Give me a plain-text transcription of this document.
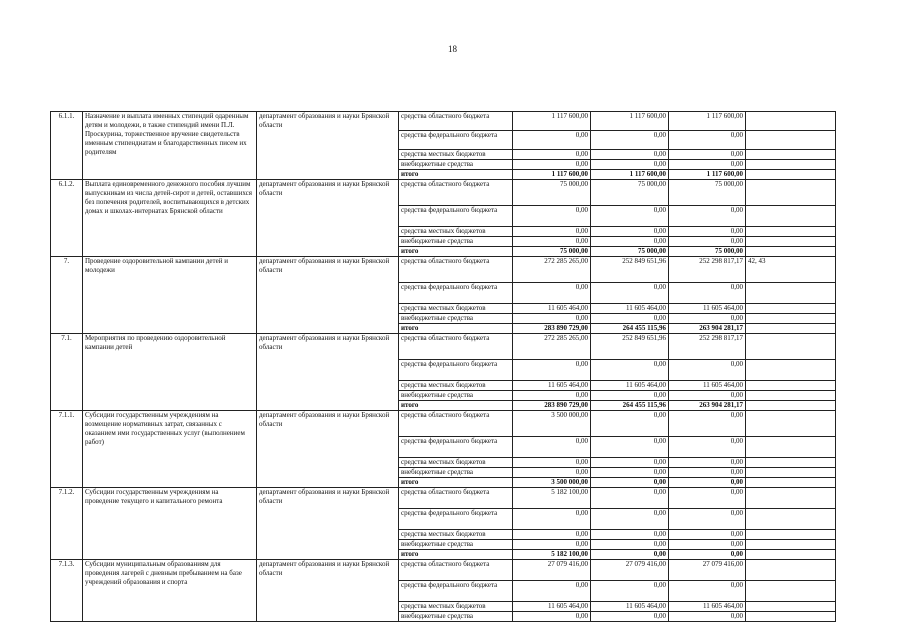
18
6.1.1.	Назначение и выплата именных стипендий одаренным детям и молодежи, в также стипендий имени П.Л. Проскурина, торжественное вручение свидетельств именным стипендиатам и благодарственных писем их родителям	департамент образования и науки Брянской области	средства областного бюджета	1 117 600,00	1 117 600,00	1 117 600,00	
			средства федерального бюджета	0,00	0,00	0,00	
			средства местных бюджетов	0,00	0,00	0,00	
			внебюджетные средства	0,00	0,00	0,00	
			итого	1 117 600,00	1 117 600,00	1 117 600,00	
6.1.2.	Выплата единовременного денежного пособия лучшим выпускникам из числа детей-сирот и детей, оставшихся без попечения родителей, воспитывающихся в детских домах и школах-интернатах Брянской области	департамент образования и науки Брянской области	средства областного бюджета	75 000,00	75 000,00	75 000,00	
			средства федерального бюджета	0,00	0,00	0,00	
			средства местных бюджетов	0,00	0,00	0,00	
			внебюджетные средства	0,00	0,00	0,00	
			итого	75 000,00	75 000,00	75 000,00	
7.	Проведение оздоровительной кампании детей и молодежи	департамент образования и науки Брянской области	средства областного бюджета	272 285 265,00	252 849 651,96	252 298 817,17	42, 43
			средства федерального бюджета	0,00	0,00	0,00	
			средства местных бюджетов	11 605 464,00	11 605 464,00	11 605 464,00	
			внебюджетные средства	0,00	0,00	0,00	
			итого	283 890 729,00	264 455 115,96	263 904 281,17	
7.1.	Мероприятия по проведению оздоровительной кампании детей	департамент образования и науки Брянской области	средства областного бюджета	272 285 265,00	252 849 651,96	252 298 817,17	
			средства федерального бюджета	0,00	0,00	0,00	
			средства местных бюджетов	11 605 464,00	11 605 464,00	11 605 464,00	
			внебюджетные средства	0,00	0,00	0,00	
			итого	283 890 729,00	264 455 115,96	263 904 281,17	
7.1.1.	Субсидии государственным учреждениям на возмещение нормативных затрат, связанных с оказанием ими государственных услуг (выполнением работ)	департамент образования и науки Брянской области	средства областного бюджета	3 500 000,00	0,00	0,00	
			средства федерального бюджета	0,00	0,00	0,00	
			средства местных бюджетов	0,00	0,00	0,00	
			внебюджетные средства	0,00	0,00	0,00	
			итого	3 500 000,00	0,00	0,00	
7.1.2.	Субсидии государственным учреждениям на проведение текущего и капитального ремонта	департамент образования и науки Брянской области	средства областного бюджета	5 182 100,00	0,00	0,00	
			средства федерального бюджета	0,00	0,00	0,00	
			средства местных бюджетов	0,00	0,00	0,00	
			внебюджетные средства	0,00	0,00	0,00	
			итого	5 182 100,00	0,00	0,00	
7.1.3.	Субсидии муниципальным образованиям для проведения лагерей с дневным пребыванием на базе учреждений образования и спорта	департамент образования и науки Брянской области	средства областного бюджета	27 079 416,00	27 079 416,00	27 079 416,00	
			средства федерального бюджета	0,00	0,00	0,00	
			средства местных бюджетов	11 605 464,00	11 605 464,00	11 605 464,00	
			внебюджетные средства	0,00	0,00	0,00	
